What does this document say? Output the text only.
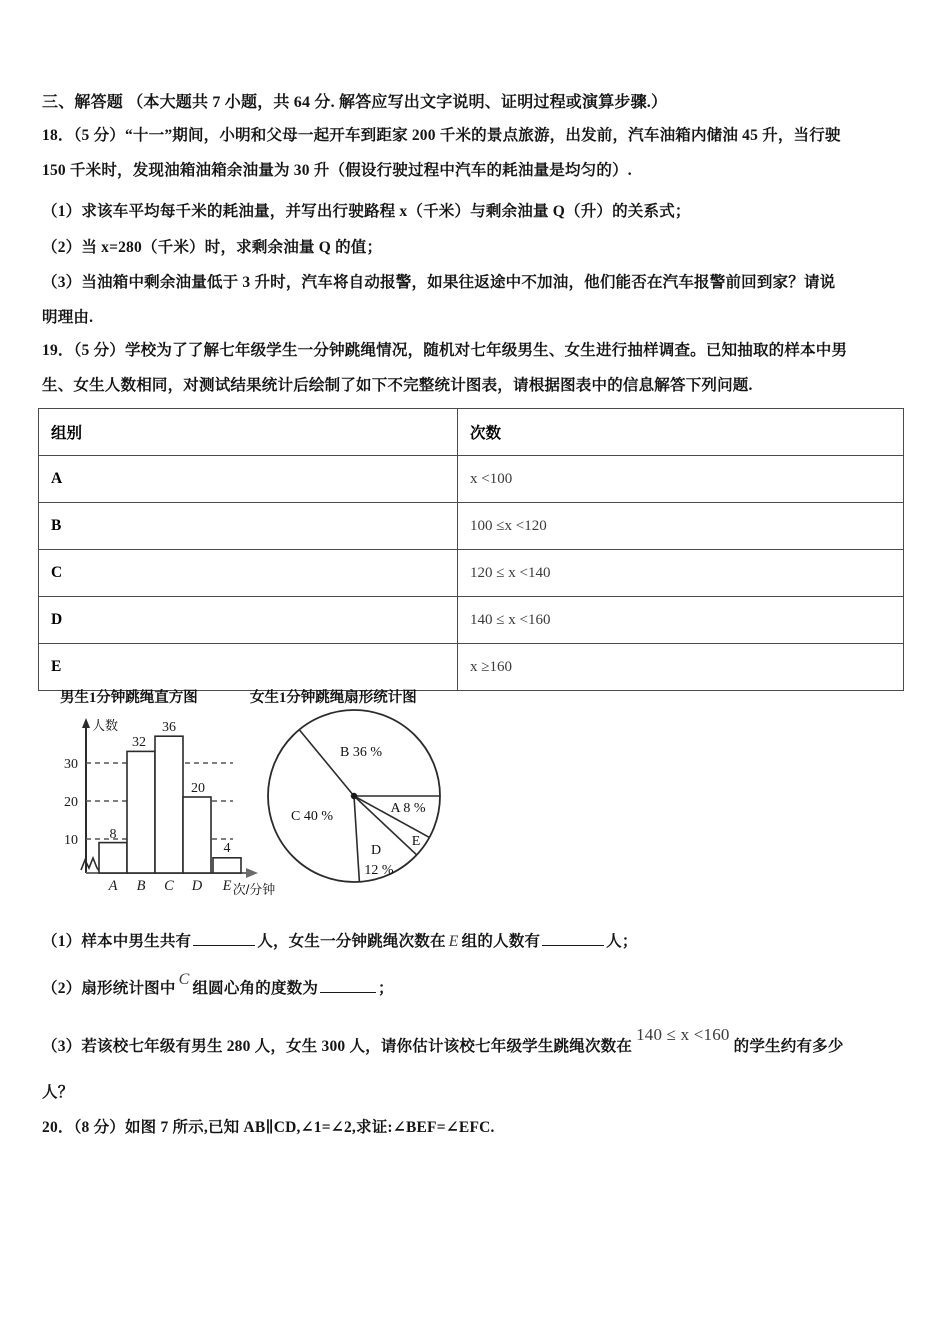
三、解答题 （本大题共 7 小题，共 64 分. 解答应写出文字说明、证明过程或演算步骤.）
18．（5 分）“十一”期间，小明和父母一起开车到距家 200 千米的景点旅游，出发前，汽车油箱内储油 45 升，当行驶
150 千米时，发现油箱油箱余油量为 30 升（假设行驶过程中汽车的耗油量是均匀的）.
（1）求该车平均每千米的耗油量，并写出行驶路程 x（千米）与剩余油量 Q（升）的关系式；
（2）当 x=280（千米）时，求剩余油量 Q 的值；
（3）当油箱中剩余油量低于 3 升时，汽车将自动报警，如果往返途中不加油，他们能否在汽车报警前回到家？请说
明理由.
19．（5 分）学校为了了解七年级学生一分钟跳绳情况，随机对七年级男生、女生进行抽样调查。已知抽取的样本中男
生、女生人数相同，对测试结果统计后绘制了如下不完整统计图表，请根据图表中的信息解答下列问题.
组别	次数
A	x <100
B	100 ≤x <120
C	120 ≤ x <140
D	140 ≤ x <160
E	x ≥160
男生1分钟跳绳直方图	女生1分钟跳绳扇形统计图
10
20
30
人数
8
32
36
20
4
A B C D E 次/分钟
B 36 %
A 8 %
E
D
12 %
C 40 %
（1）样本中男生共有	人，女生一分钟跳绳次数在 E 组的人数有	人；
（2）扇形统计图中C组圆心角的度数为	；
（3）若该校七年级有男生 280 人，女生 300 人，请你估计该校七年级学生跳绳次数在140 ≤ x <160的学生约有多少
人？
20．（8 分）如图 7 所示,已知 AB∥CD,∠1=∠2,求证:∠BEF=∠EFC.
